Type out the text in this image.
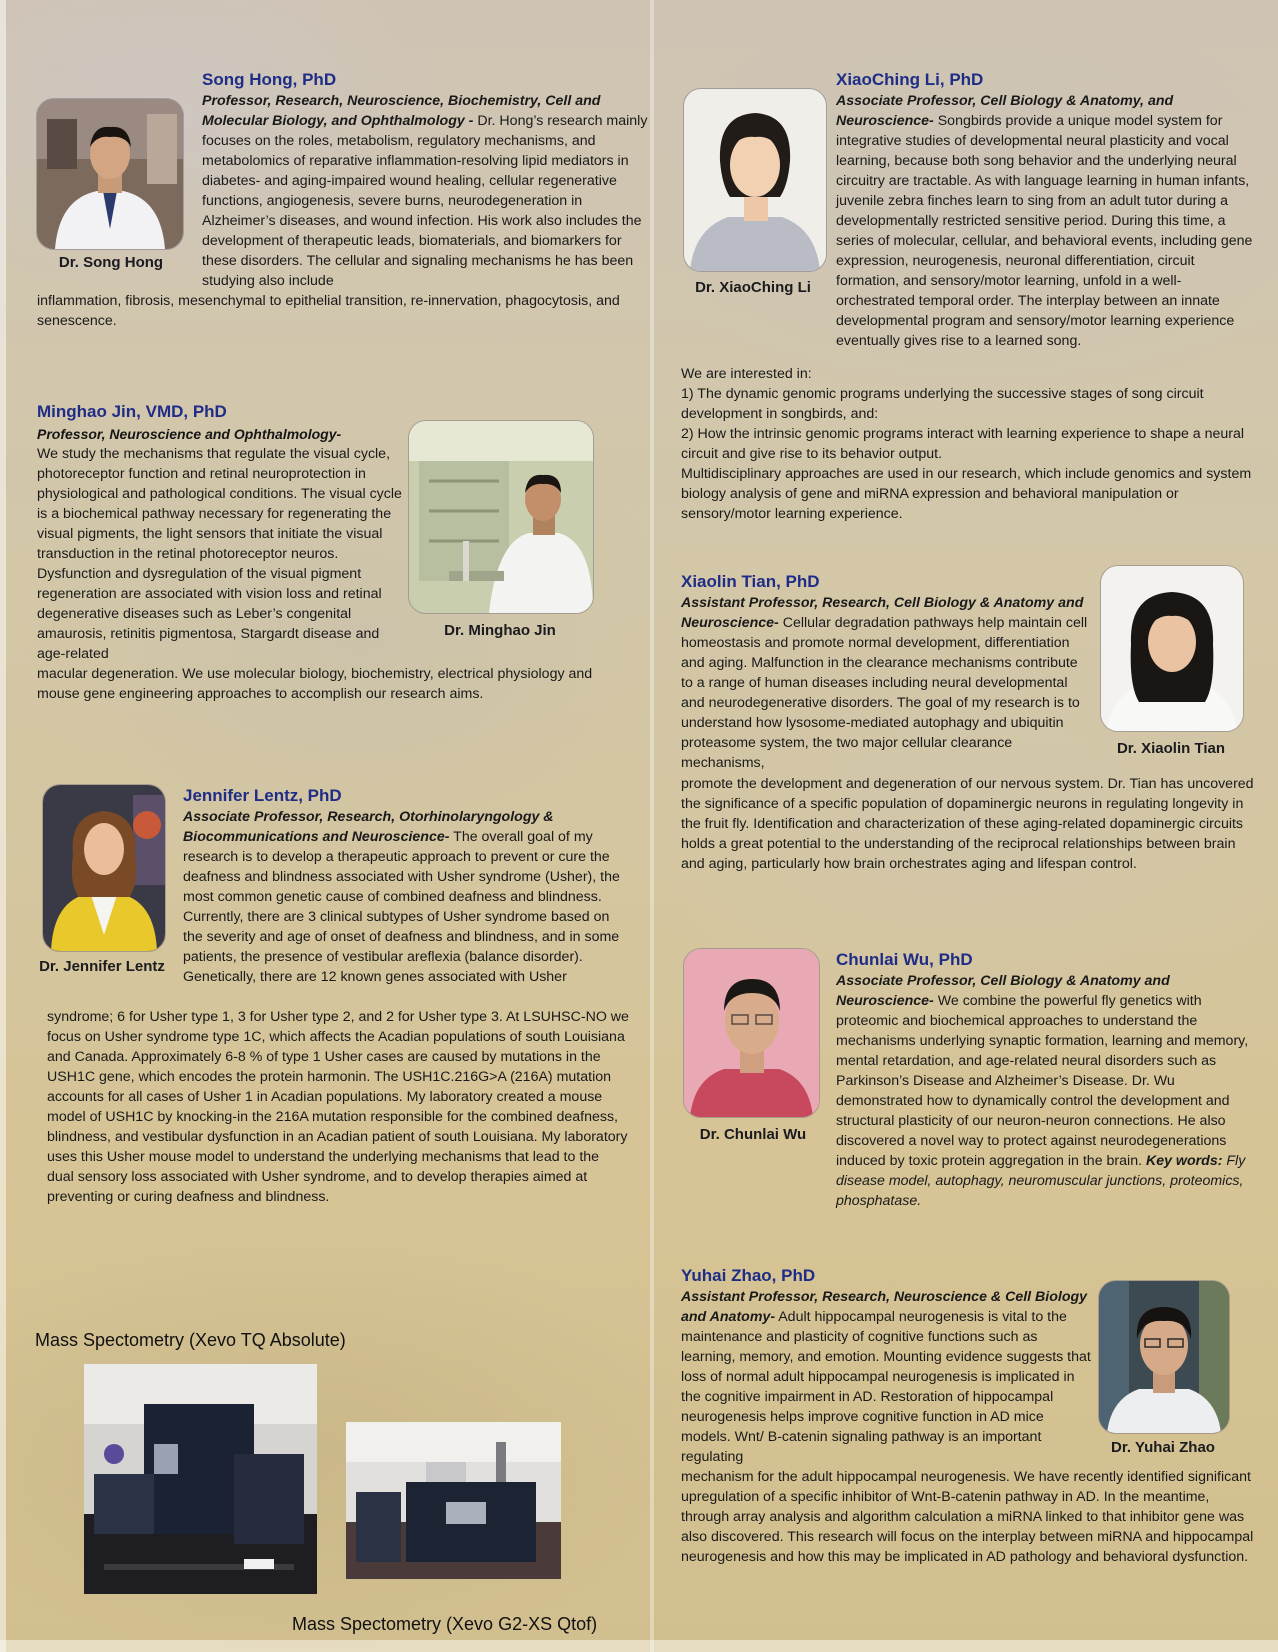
Dr. Song Hong
Song Hong, PhD
Professor, Research, Neuroscience, Biochemistry, Cell and Molecular Biology, and Ophthalmology - Dr. Hong’s research mainly focuses on the roles, metabolism, regulatory mechanisms, and metabolomics of reparative inflammation-resolving lipid mediators in diabetes- and aging-impaired wound healing, cellular regenerative functions, angiogenesis, severe burns, neurodegeneration in Alzheimer’s diseases, and wound infection. His work also includes the development of therapeutic leads, biomaterials, and biomarkers for these disorders. The cellular and signaling mechanisms he has been studying also include
inflammation, fibrosis, mesenchymal to epithelial transition, re-innervation, phagocytosis, and senescence.
Minghao Jin, VMD, PhD
Professor, Neuroscience and Ophthalmology-
We study the mechanisms that regulate the visual cycle, photoreceptor function and retinal neuroprotection in physiological and pathological conditions. The visual cycle is a biochemical pathway necessary for regenerating the visual pigments, the light sensors that initiate the visual transduction in the retinal photoreceptor neuros. Dysfunction and dysregulation of the visual pigment regeneration are associated with vision loss and retinal degenerative diseases such as Leber’s congenital amaurosis, retinitis pigmentosa, Stargardt disease and age-related
macular degeneration. We use molecular biology, biochemistry, electrical physiology and mouse gene engineering approaches to accomplish our research aims.
Dr. Minghao Jin
Dr. Jennifer Lentz
Jennifer Lentz, PhD
Associate Professor, Research, Otorhinolaryngology & Biocommunications and Neuroscience- The overall goal of my research is to develop a therapeutic approach to prevent or cure the deafness and blindness associated with Usher syndrome (Usher), the most common genetic cause of combined deafness and blindness. Currently, there are 3 clinical subtypes of Usher syndrome based on the severity and age of onset of deafness and blindness, and in some patients, the presence of vestibular areflexia (balance disorder). Genetically, there are 12 known genes associated with Usher
syndrome; 6 for Usher type 1, 3 for Usher type 2, and 2 for Usher type 3. At LSUHSC-NO we focus on Usher syndrome type 1C, which affects the Acadian populations of south Louisiana and Canada. Approximately 6-8 % of type 1 Usher cases are caused by mutations in the USH1C gene, which encodes the protein harmonin. The USH1C.216G>A (216A) mutation accounts for all cases of Usher 1 in Acadian populations. My laboratory created a mouse model of USH1C by knocking-in the 216A mutation responsible for the combined deafness, blindness, and vestibular dysfunction in an Acadian patient of south Louisiana. My laboratory uses this Usher mouse model to understand the underlying mechanisms that lead to the dual sensory loss associated with Usher syndrome, and to develop therapies aimed at preventing or curing deafness and blindness.
Mass Spectometry (Xevo TQ Absolute)
Mass Spectometry (Xevo G2-XS Qtof)
Dr. XiaoChing Li
XiaoChing Li, PhD
Associate Professor, Cell Biology & Anatomy, and Neuroscience- Songbirds provide a unique model system for integrative studies of developmental neural plasticity and vocal learning, because both song behavior and the underlying neural circuitry are tractable. As with language learning in human infants, juvenile zebra finches learn to sing from an adult tutor during a developmentally restricted sensitive period. During this time, a series of molecular, cellular, and behavioral events, including gene expression, neurogenesis, neuronal differentiation, circuit formation, and sensory/motor learning, unfold in a well-orchestrated temporal order. The interplay between an innate developmental program and sensory/motor learning experience eventually gives rise to a learned song.

We are interested in:

1) The dynamic genomic programs underlying the successive stages of song circuit development in songbirds, and:

2) How the intrinsic genomic programs interact with learning experience to shape a neural circuit and give rise to its behavior output.

Multidisciplinary approaches are used in our research, which include genomics and system biology analysis of gene and miRNA expression and behavioral manipulation or sensory/motor learning experience.

Xiaolin Tian, PhD
Assistant Professor, Research, Cell Biology & Anatomy and Neuroscience- Cellular degradation pathways help maintain cell homeostasis and promote normal development, differentiation and aging. Malfunction in the clearance mechanisms contribute to a range of human diseases including neural developmental and neurodegenerative disorders. The goal of my research is to understand how lysosome-mediated autophagy and ubiquitin proteasome system, the two major cellular clearance mechanisms,
promote the development and degeneration of our nervous system. Dr. Tian has uncovered the significance of a specific population of dopaminergic neurons in regulating longevity in the fruit fly. Identification and characterization of these aging-related dopaminergic circuits holds a great potential to the understanding of the reciprocal relationships between brain and aging, particularly how brain orchestrates aging and lifespan control.
Dr. Xiaolin Tian
Dr. Chunlai Wu
Chunlai Wu, PhD
Associate Professor, Cell Biology & Anatomy and Neuroscience- We combine the powerful fly genetics with proteomic and biochemical approaches to understand the mechanisms underlying synaptic formation, learning and memory, mental retardation, and age-related neural disorders such as Parkinson’s Disease and Alzheimer’s Disease. Dr. Wu demonstrated how to dynamically control the development and structural plasticity of our neuron-neuron connections. He also discovered a novel way to protect against neurodegenerations induced by toxic protein aggregation in the brain. Key words: Fly disease model, autophagy, neuromuscular junctions, proteomics, phosphatase.
Yuhai Zhao, PhD
Assistant Professor, Research, Neuroscience & Cell Biology and Anatomy- Adult hippocampal neurogenesis is vital to the maintenance and plasticity of cognitive functions such as learning, memory, and emotion. Mounting evidence suggests that loss of normal adult hippocampal neurogenesis is implicated in the cognitive impairment in AD. Restoration of hippocampal neurogenesis helps improve cognitive function in AD mice models. Wnt/ B-catenin signaling pathway is an important regulating
mechanism for the adult hippocampal neurogenesis. We have recently identified significant upregulation of a specific inhibitor of Wnt-B-catenin pathway in AD. In the meantime, through array analysis and algorithm calculation a miRNA linked to that inhibitor gene was also discovered. This research will focus on the interplay between miRNA and hippocampal neurogenesis and how this may be implicated in AD pathology and behavioral dysfunction.
Dr. Yuhai Zhao
